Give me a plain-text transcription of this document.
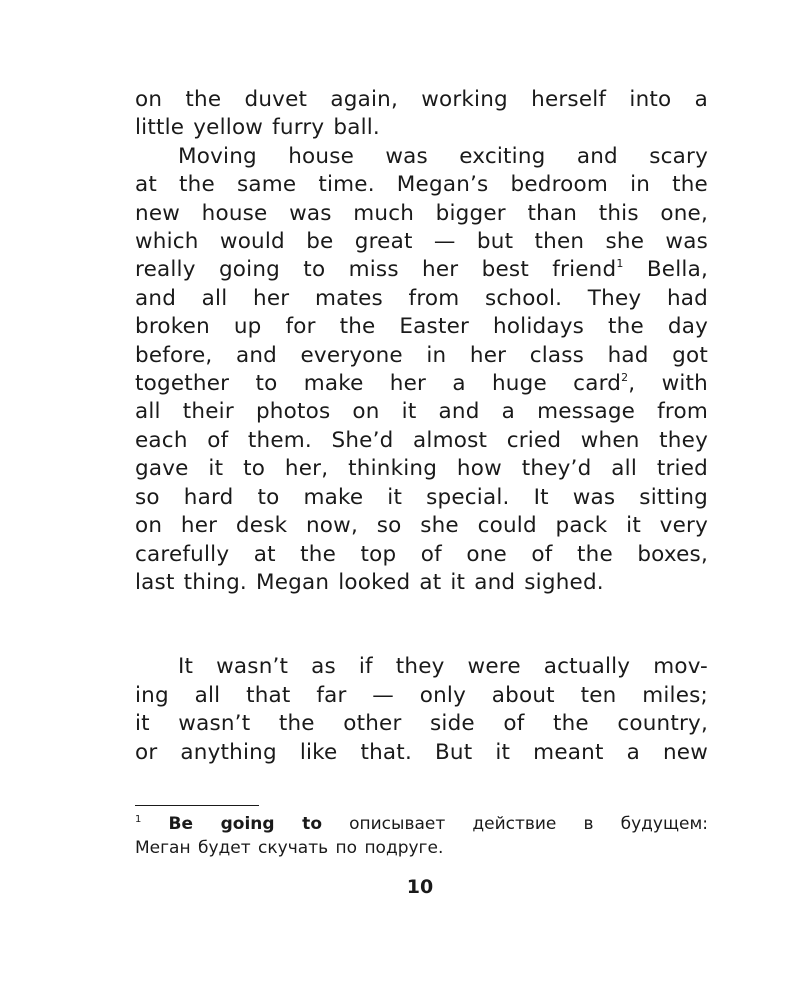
on the duvet again, working herself into a
little yellow furry ball.

Moving house was exciting and scary
at the same time. Megan’s bedroom in the
new house was much bigger than this one,
which would be great — but then she was
really going to miss her best friend$^1$ Bella,
and all her mates from school. They had
broken up for the Easter holidays the day
before, and everyone in her class had got
together to make her a huge card$^2$, with
all their photos on it and a message from
each of them. She’d almost cried when they
gave it to her, thinking how they’d all tried
so hard to make it special. It was sitting
on her desk now, so she could pack it very
carefully at the top of one of the boxes,
last thing. Megan looked at it and sighed.

It wasn’t as if they were actually mov-
ing all that far — only about ten miles;
it wasn’t the other side of the country,
or anything like that. But it meant a new

$^1$ Be going to описывает действие в будущем:
Меган будет скучать по подруге.
10
